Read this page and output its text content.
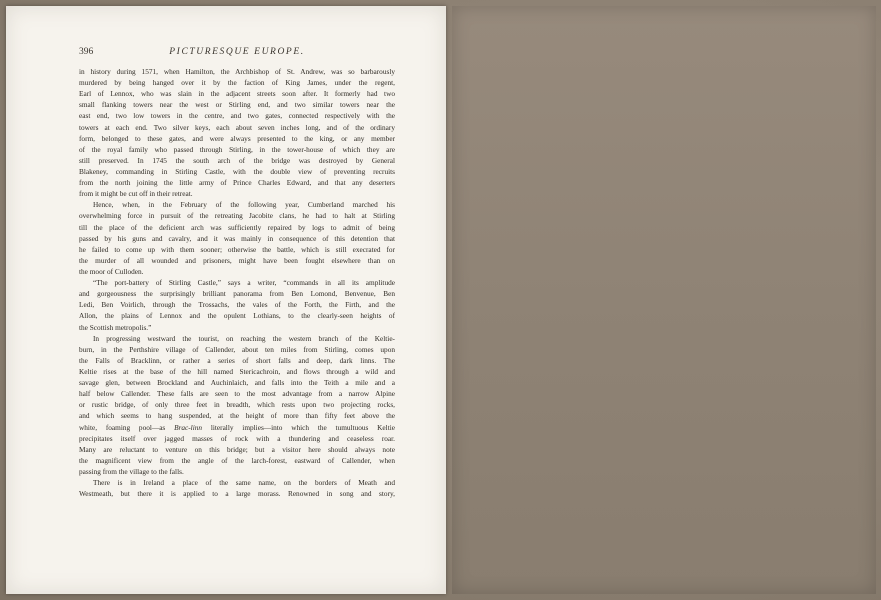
396	PICTURESQUE EUROPE.

in history during 1571, when Hamilton, the Archbishop of St. Andrew, was so barbarously
murdered by being hanged over it by the faction of King James, under the regent,
Earl of Lennox, who was slain in the adjacent streets soon after. It formerly had two
small flanking towers near the west or Stirling end, and two similar towers near the
east end, two low towers in the centre, and two gates, connected respectively with the
towers at each end. Two silver keys, each about seven inches long, and of the ordinary
form, belonged to these gates, and were always presented to the king, or any member
of the royal family who passed through Stirling, in the tower-house of which they are
still preserved. In 1745 the south arch of the bridge was destroyed by General
Blakeney, commanding in Stirling Castle, with the double view of preventing recruits
from the north joining the little army of Prince Charles Edward, and that any deserters
from it might be cut off in their retreat.

Hence, when, in the February of the following year, Cumberland marched his
overwhelming force in pursuit of the retreating Jacobite clans, he had to halt at Stirling
till the place of the deficient arch was sufficiently repaired by logs to admit of being
passed by his guns and cavalry, and it was mainly in consequence of this detention that
he failed to come up with them sooner; otherwise the battle, which is still execrated for
the murder of all wounded and prisoners, might have been fought elsewhere than on
the moor of Culloden.

“The port-battery of Stirling Castle,” says a writer, “commands in all its amplitude
and gorgeousness the surprisingly brilliant panorama from Ben Lomond, Benvenue, Ben
Ledi, Ben Voirlich, through the Trossachs, the vales of the Forth, the Firth, and the
Allon, the plains of Lennox and the opulent Lothians, to the clearly-seen heights of
the Scottish metropolis.”

In progressing westward the tourist, on reaching the western branch of the Keltie-
burn, in the Perthshire village of Callender, about ten miles from Stirling, comes upon
the Falls of Bracklinn, or rather a series of short falls and deep, dark linns. The
Keltie rises at the base of the hill named Stericachroin, and flows through a wild and
savage glen, between Brockland and Auchinlaich, and falls into the Teith a mile and a
half below Callender. These falls are seen to the most advantage from a narrow Alpine
or rustic bridge, of only three feet in breadth, which rests upon two projecting rocks,
and which seems to hang suspended, at the height of more than fifty feet above the
white, foaming pool—as Brac-linn literally implies—into which the tumultuous Keltie
precipitates itself over jagged masses of rock with a thundering and ceaseless roar.
Many are reluctant to venture on this bridge; but a visitor here should always note
the magnificent view from the angle of the larch-forest, eastward of Callender, when
passing from the village to the falls.

There is in Ireland a place of the same name, on the borders of Meath and
Westmeath, but there it is applied to a large morass. Renowned in song and story,
